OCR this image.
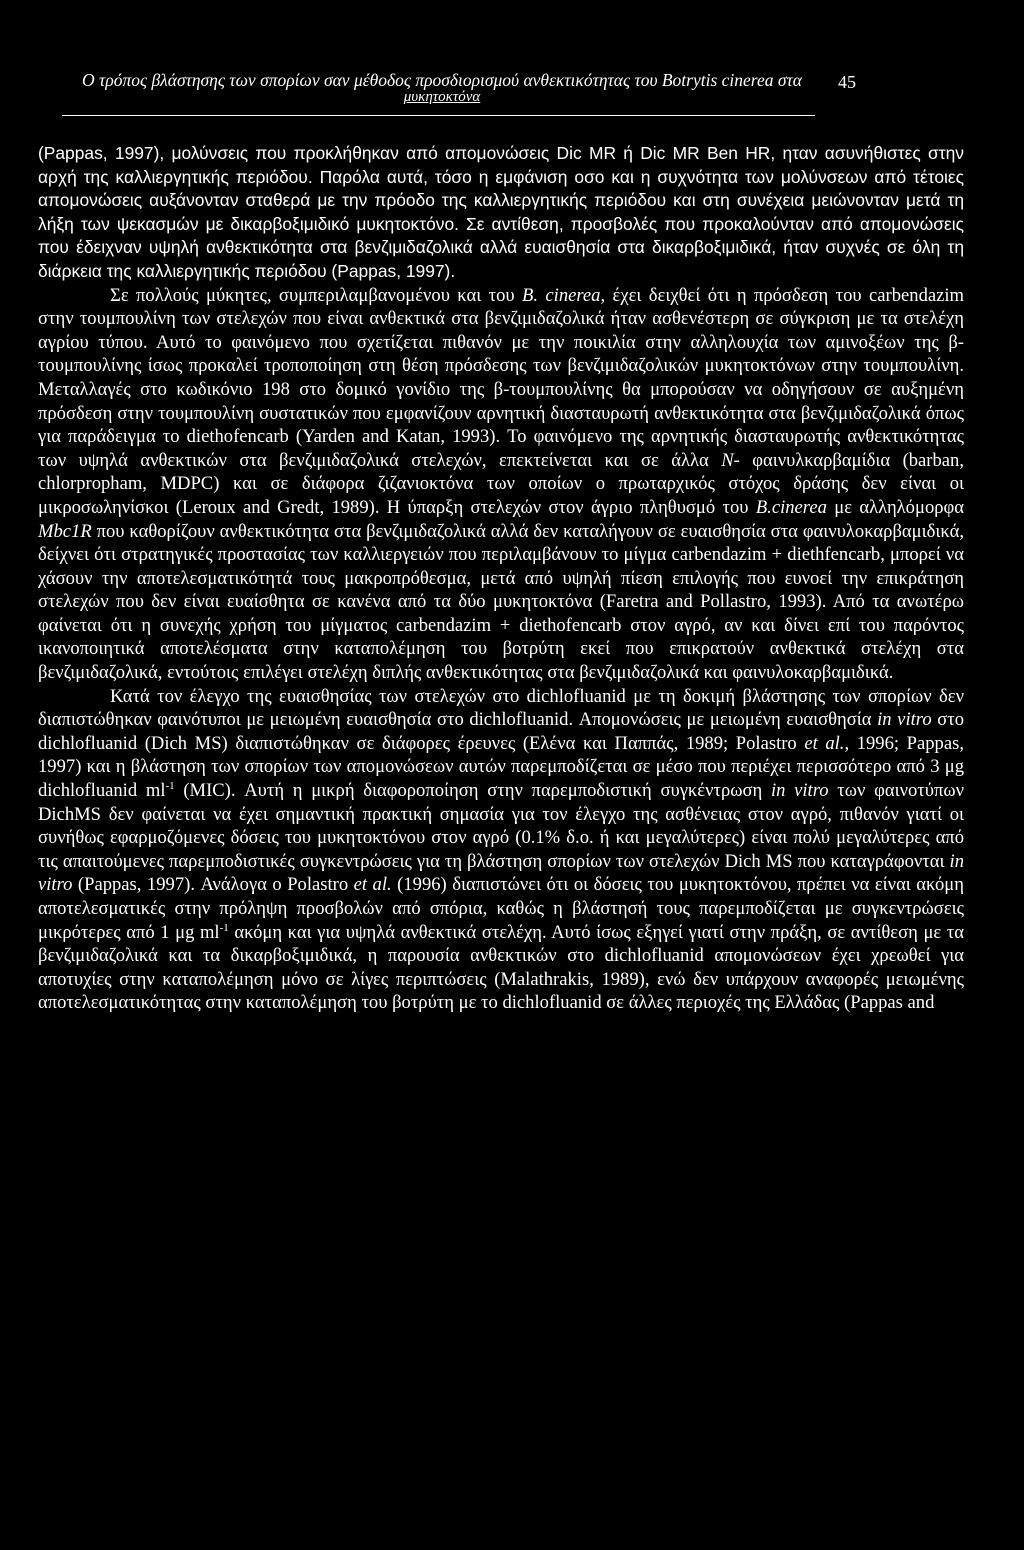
Ο τρόπος βλάστησης των σπορίων σαν μέθοδος προσδιορισμού ανθεκτικότητας του Botrytis cinerea στα
μυκητοκτόνα
45

(Pappas, 1997), μολύνσεις που προκλήθηκαν από απομονώσεις Dic MR ή Dic MR Ben HR, ηταν ασυνήθιστες στην αρχή της καλλιεργητικής περιόδου. Παρόλα αυτά, τόσο η εμφάνιση οσο και η συχνότητα των μολύνσεων από τέτοιες απομονώσεις αυξάνονταν σταθερά με την πρόοδο της καλλιεργητικής περιόδου και στη συνέχεια μειώνονταν μετά τη λήξη των ψεκασμών με δικαρβοξιμιδικό μυκητοκτόνο. Σε αντίθεση, προσβολές που προκαλούνταν από απομονώσεις που έδειχναν υψηλή ανθεκτικότητα στα βενζιμιδαζολικά αλλά ευαισθησία στα δικαρβοξιμιδικά, ήταν συχνές σε όλη τη διάρκεια της καλλιεργητικής περιόδου (Pappas, 1997).

Σε πολλούς μύκητες, συμπεριλαμβανομένου και του B. cinerea, έχει δειχθεί ότι η πρόσδεση του carbendazim στην τουμπουλίνη των στελεχών που είναι ανθεκτικά στα βενζιμιδαζολικά ήταν ασθενέστερη σε σύγκριση με τα στελέχη αγρίου τύπου. Αυτό το φαινόμενο που σχετίζεται πιθανόν με την ποικιλία στην αλληλουχία των αμινοξέων της β-τουμπουλίνης ίσως προκαλεί τροποποίηση στη θέση πρόσδεσης των βενζιμιδαζολικών μυκητοκτόνων στην τουμπουλίνη. Μεταλλαγές στο κωδικόνιο 198 στο δομικό γονίδιο της β-τουμπουλίνης θα μπορούσαν να οδηγήσουν σε αυξημένη πρόσδεση στην τουμπουλίνη συστατικών που εμφανίζουν αρνητική διασταυρωτή ανθεκτικότητα στα βενζιμιδαζολικά όπως για παράδειγμα το diethofencarb (Yarden and Katan, 1993). Το φαινόμενο της αρνητικής διασταυρωτής ανθεκτικότητας των υψηλά ανθεκτικών στα βενζιμιδαζολικά στελεχών, επεκτείνεται και σε άλλα N- φαινυλκαρβαμίδια (barban, chlorpropham, MDPC) και σε διάφορα ζιζανιοκτόνα των οποίων ο πρωταρχικός στόχος δράσης δεν είναι οι μικροσωληνίσκοι (Leroux and Gredt, 1989). Η ύπαρξη στελεχών στον άγριο πληθυσμό του B.cinerea με αλληλόμορφα Mbc1R που καθορίζουν ανθεκτικότητα στα βενζιμιδαζολικά αλλά δεν καταλήγουν σε ευαισθησία στα φαινυλοκαρβαμιδικά, δείχνει ότι στρατηγικές προστασίας των καλλιεργειών που περιλαμβάνουν το μίγμα carbendazim + diethfencarb, μπορεί να χάσουν την αποτελεσματικότητά τους μακροπρόθεσμα, μετά από υψηλή πίεση επιλογής που ευνοεί την επικράτηση στελεχών που δεν είναι ευαίσθητα σε κανένα από τα δύο μυκητοκτόνα (Faretra and Pollastro, 1993). Από τα ανωτέρω φαίνεται ότι η συνεχής χρήση του μίγματος carbendazim + diethofencarb στον αγρό, αν και δίνει επί του παρόντος ικανοποιητικά αποτελέσματα στην καταπολέμηση του βοτρύτη εκεί που επικρατούν ανθεκτικά στελέχη στα βενζιμιδαζολικά, εντούτοις επιλέγει στελέχη διπλής ανθεκτικότητας στα βενζιμιδαζολικά και φαινυλοκαρβαμιδικά.

Κατά τον έλεγχο της ευαισθησίας των στελεχών στο dichlofluanid με τη δοκιμή βλάστησης των σπορίων δεν διαπιστώθηκαν φαινότυποι με μειωμένη ευαισθησία στο dichlofluanid. Απομονώσεις με μειωμένη ευαισθησία in vitro στο dichlofluanid (Dich MS) διαπιστώθηκαν σε διάφορες έρευνες (Ελένα και Παππάς, 1989; Polastro et al., 1996; Pappas, 1997) και η βλάστηση των σπορίων των απομονώσεων αυτών παρεμποδίζεται σε μέσο που περιέχει περισσότερο από 3 μg dichlofluanid $ml^{-1}$ (MIC). Αυτή η μικρή διαφοροποίηση στην παρεμποδιστική συγκέντρωση in vitro των φαινοτύπων DichMS δεν φαίνεται να έχει σημαντική πρακτική σημασία για τον έλεγχο της ασθένειας στον αγρό, πιθανόν γιατί οι συνήθως εφαρμοζόμενες δόσεις του μυκητοκτόνου στον αγρό (0.1% δ.ο. ή και μεγαλύτερες) είναι πολύ μεγαλύτερες από τις απαιτούμενες παρεμποδιστικές συγκεντρώσεις για τη βλάστηση σπορίων των στελεχών Dich MS που καταγράφονται in vitro (Pappas, 1997). Ανάλογα ο Polastro et al. (1996) διαπιστώνει ότι οι δόσεις του μυκητοκτόνου, πρέπει να είναι ακόμη αποτελεσματικές στην πρόληψη προσβολών από σπόρια, καθώς η βλάστησή τους παρεμποδίζεται με συγκεντρώσεις μικρότερες από 1 μg $ml^{-1}$ ακόμη και για υψηλά ανθεκτικά στελέχη. Αυτό ίσως εξηγεί γιατί στην πράξη, σε αντίθεση με τα βενζιμιδαζολικά και τα δικαρβοξιμιδικά, η παρουσία ανθεκτικών στο dichlofluanid απομονώσεων έχει χρεωθεί για αποτυχίες στην καταπολέμηση μόνο σε λίγες περιπτώσεις (Malathrakis, 1989), ενώ δεν υπάρχουν αναφορές μειωμένης αποτελεσματικότητας στην καταπολέμηση του βοτρύτη με το dichlofluanid σε άλλες περιοχές της Ελλάδας (Pappas and
